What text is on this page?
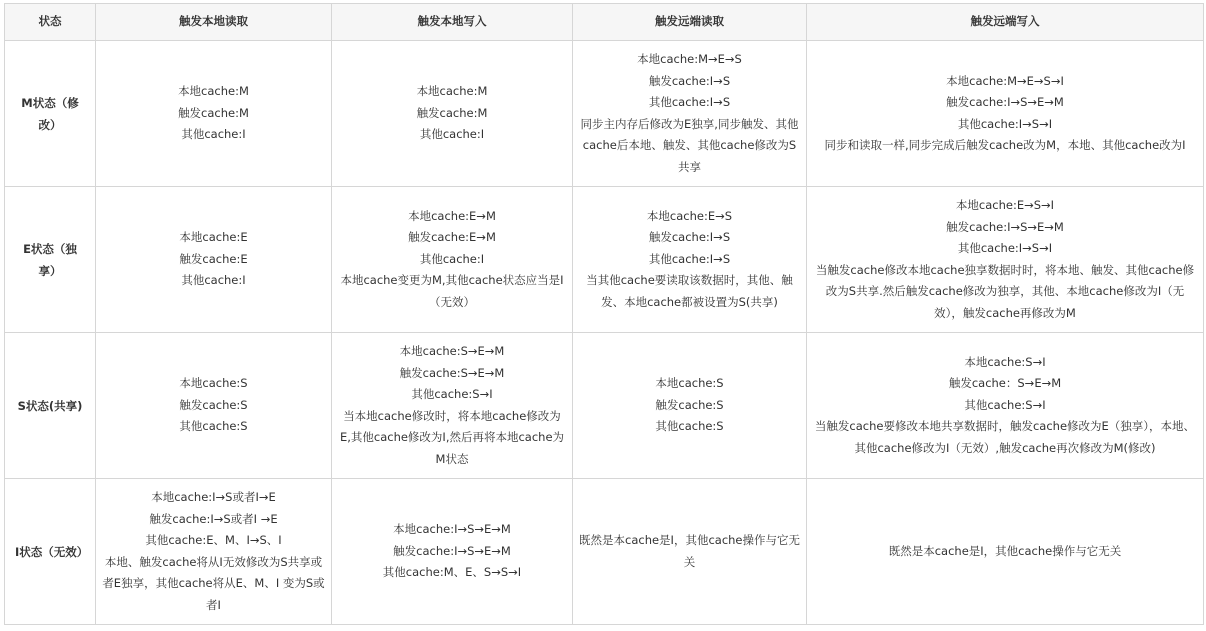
状态	触发本地读取	触发本地写入	触发远端读取	触发远端写入
M状态（修改）	本地cache:M
触发cache:M
其他cache:I	本地cache:M
触发cache:M
其他cache:I	本地cache:M→E→S
触发cache:I→S
其他cache:I→S
同步主内存后修改为E独享,同步触发、其他cache后本地、触发、其他cache修改为S共享	本地cache:M→E→S→I
触发cache:I→S→E→M
其他cache:I→S→I
同步和读取一样,同步完成后触发cache改为M，本地、其他cache改为I

E状态（独享）	本地cache:E
触发cache:E
其他cache:I	本地cache:E→M
触发cache:E→M
其他cache:I
本地cache变更为M,其他cache状态应当是I（无效）	本地cache:E→S
触发cache:I→S
其他cache:I→S
当其他cache要读取该数据时，其他、触发、本地cache都被设置为S(共享)	本地cache:E→S→I
触发cache:I→S→E→M
其他cache:I→S→I
当触发cache修改本地cache独享数据时时，将本地、触发、其他cache修改为S共享.然后触发cache修改为独享，其他、本地cache修改为I（无效），触发cache再修改为M

S状态(共享)	本地cache:S
触发cache:S
其他cache:S	本地cache:S→E→M
触发cache:S→E→M
其他cache:S→I
当本地cache修改时，将本地cache修改为E,其他cache修改为I,然后再将本地cache为M状态	本地cache:S
触发cache:S
其他cache:S	本地cache:S→I
触发cache：S→E→M
其他cache:S→I
当触发cache要修改本地共享数据时，触发cache修改为E（独享），本地、其他cache修改为I（无效）,触发cache再次修改为M(修改)

I状态（无效）	本地cache:I→S或者I→E
触发cache:I→S或者I →E
其他cache:E、M、I→S、I
本地、触发cache将从I无效修改为S共享或者E独享，其他cache将从E、M、I 变为S或者I	本地cache:I→S→E→M
触发cache:I→S→E→M
其他cache:M、E、S→S→I	既然是本cache是I，其他cache操作与它无关	既然是本cache是I，其他cache操作与它无关
